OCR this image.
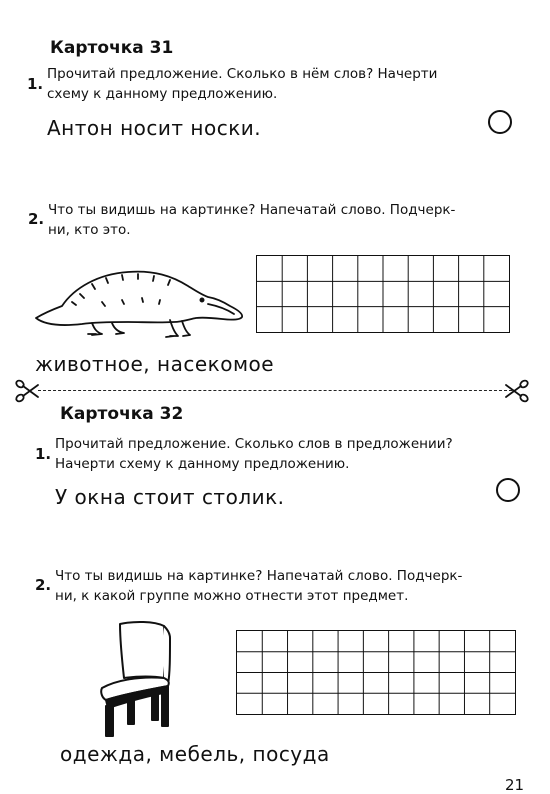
Карточка 31
1.
Прочитай предложение. Сколько в нём слов? Начерти
схему к данному предложению.
Антон носит носки.
2. Что ты видишь на картинке? Напечатай слово. Подчерк-
ни, кто это.
животное, насекомое
Карточка 32
1.
Прочитай предложение. Сколько слов в предложении?
Начерти схему к данному предложению.
У окна стоит столик.
2. Что ты видишь на картинке? Напечатай слово. Подчерк-
ни, к какой группе можно отнести этот предмет.
одежда, мебель, посуда
21
